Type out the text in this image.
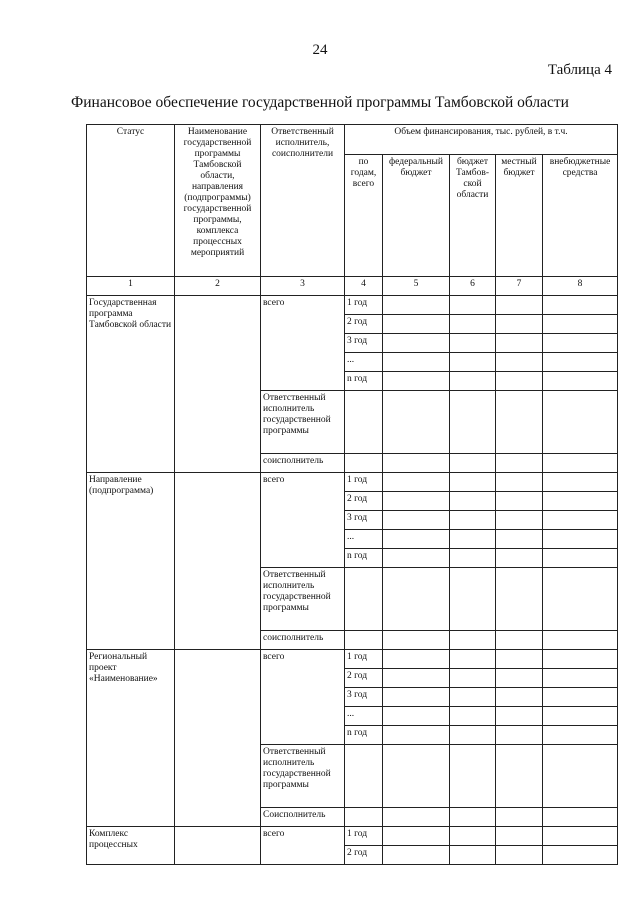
24
Таблица 4
Финансовое обеспечение государственной программы Тамбовской области
Статус	Наименование государственной программы Тамбовской области, направления (подпрограммы) государственной программы, комплекса процессных мероприятий	Ответственный исполнитель, соисполнители	Объем финансирования, тыс. рублей, в т.ч.				
			по годам, всего	федеральный бюджет	бюджет Тамбов-ской области	местный бюджет	внебюджетные средства
1	2	3	4	5	6	7	8
Государственная программа Тамбовской области		всего	1 год				
			2 год				
			3 год				
			...				
			n год				
		Ответственный исполнитель государственной программы					
		соисполнитель					
Направление (подпрограмма)		всего	1 год				
			2 год				
			3 год				
			...				
			n год				
		Ответственный исполнитель государственной программы					
		соисполнитель					
Региональный проект «Наименование»		всего	1 год				
			2 год				
			3 год				
			...				
			n год				
		Ответственный исполнитель государственной программы					
		Соисполнитель					
Комплекс процессных		всего	1 год				
			2 год				
